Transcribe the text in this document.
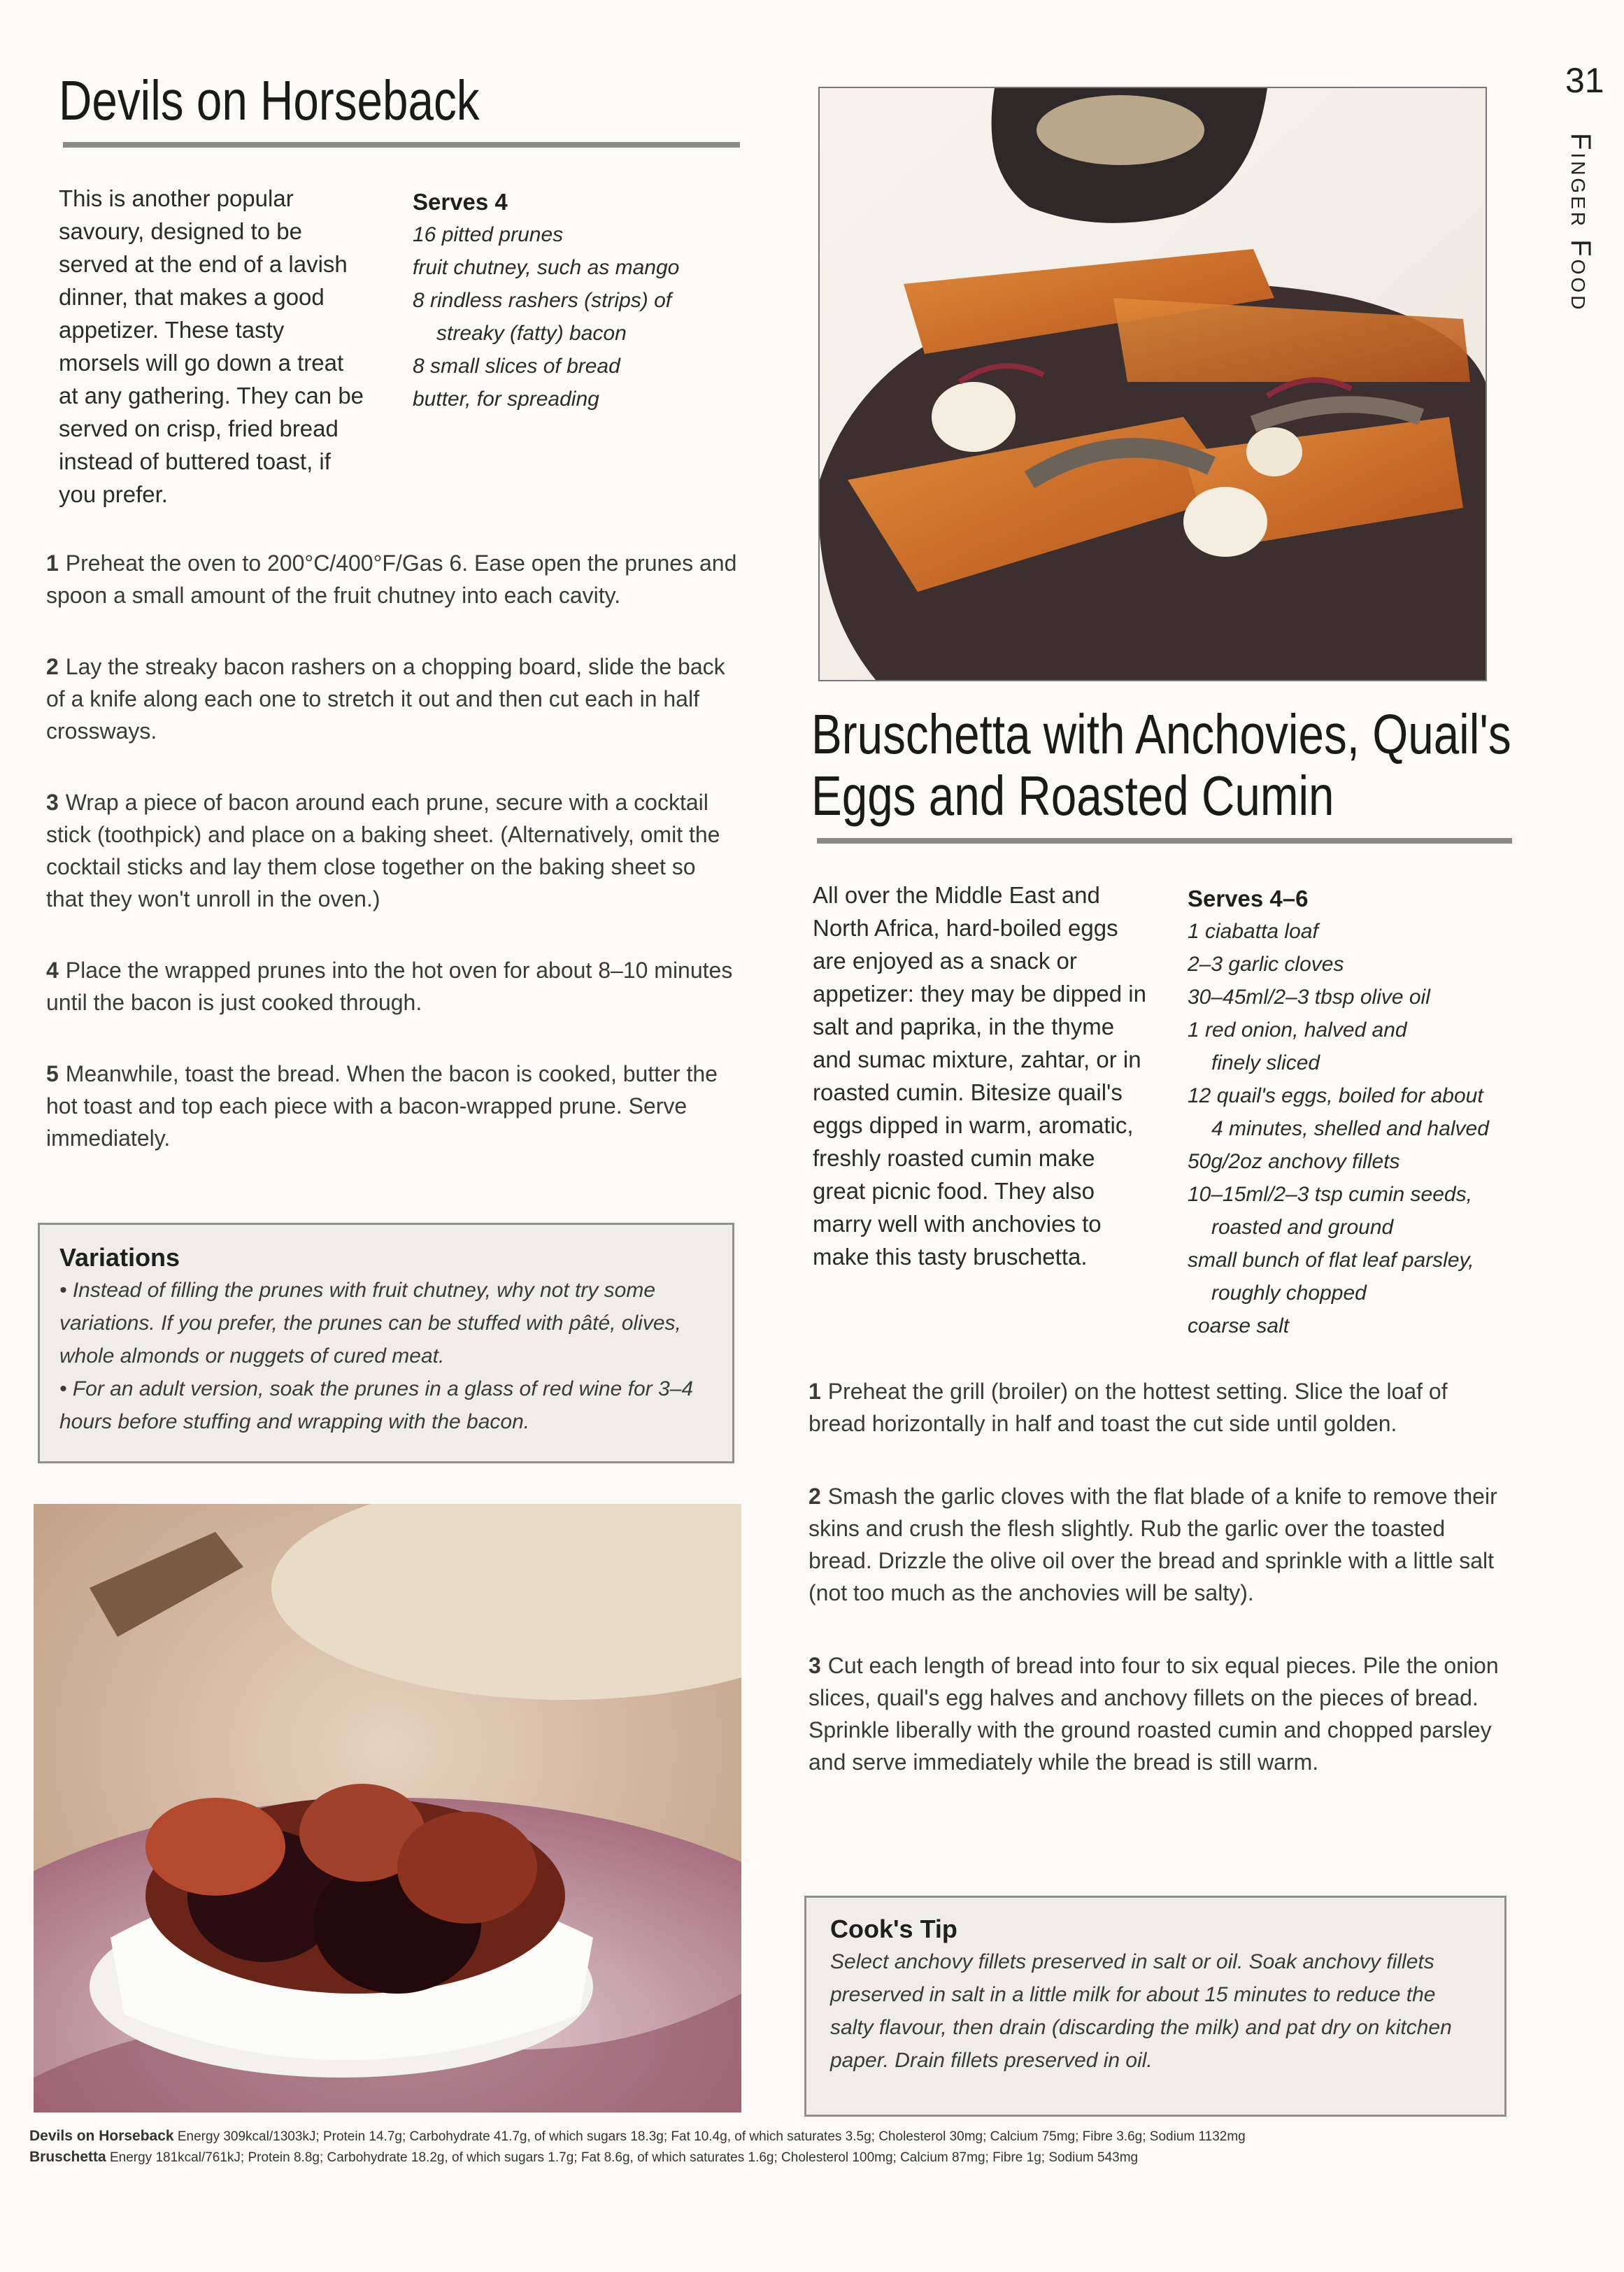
31
Finger Food
Devils on Horseback

This is another popular savoury, designed to be served at the end of a lavish dinner, that makes a good appetizer. These tasty morsels will go down a treat at any gathering. They can be served on crisp, fried bread instead of buttered toast, if you prefer.

Serves 4
16 pitted prunes
fruit chutney, such as mango
8 rindless rashers (strips) of
streaky (fatty) bacon
8 small slices of bread
butter, for spreading

1 Preheat the oven to 200°C/400°F/Gas 6. Ease open the prunes and spoon a small amount of the fruit chutney into each cavity.

2 Lay the streaky bacon rashers on a chopping board, slide the back of a knife along each one to stretch it out and then cut each in half crossways.

3 Wrap a piece of bacon around each prune, secure with a cocktail stick (toothpick) and place on a baking sheet. (Alternatively, omit the cocktail sticks and lay them close together on the baking sheet so that they won't unroll in the oven.)

4 Place the wrapped prunes into the hot oven for about 8–10 minutes until the bacon is just cooked through.

5 Meanwhile, toast the bread. When the bacon is cooked, butter the hot toast and top each piece with a bacon-wrapped prune. Serve immediately.

Variations
• Instead of filling the prunes with fruit chutney, why not try some variations. If you prefer, the prunes can be stuffed with pâté, olives, whole almonds or nuggets of cured meat.
• For an adult version, soak the prunes in a glass of red wine for 3–4 hours before stuffing and wrapping with the bacon.
Bruschetta with Anchovies, Quail's
Eggs and Roasted Cumin

All over the Middle East and North Africa, hard-boiled eggs are enjoyed as a snack or appetizer: they may be dipped in salt and paprika, in the thyme and sumac mixture, zahtar, or in roasted cumin. Bitesize quail's eggs dipped in warm, aromatic, freshly roasted cumin make great picnic food. They also marry well with anchovies to make this tasty bruschetta.

Serves 4–6
1 ciabatta loaf
2–3 garlic cloves
30–45ml/2–3 tbsp olive oil
1 red onion, halved and
finely sliced
12 quail's eggs, boiled for about
4 minutes, shelled and halved
50g/2oz anchovy fillets
10–15ml/2–3 tsp cumin seeds,
roasted and ground
small bunch of flat leaf parsley,
roughly chopped
coarse salt

1 Preheat the grill (broiler) on the hottest setting. Slice the loaf of bread horizontally in half and toast the cut side until golden.

2 Smash the garlic cloves with the flat blade of a knife to remove their skins and crush the flesh slightly. Rub the garlic over the toasted bread. Drizzle the olive oil over the bread and sprinkle with a little salt (not too much as the anchovies will be salty).

3 Cut each length of bread into four to six equal pieces. Pile the onion slices, quail's egg halves and anchovy fillets on the pieces of bread. Sprinkle liberally with the ground roasted cumin and chopped parsley and serve immediately while the bread is still warm.

Cook's Tip
Select anchovy fillets preserved in salt or oil. Soak anchovy fillets preserved in salt in a little milk for about 15 minutes to reduce the salty flavour, then drain (discarding the milk) and pat dry on kitchen paper. Drain fillets preserved in oil.
Devils on Horseback Energy 309kcal/1303kJ; Protein 14.7g; Carbohydrate 41.7g, of which sugars 18.3g; Fat 10.4g, of which saturates 3.5g; Cholesterol 30mg; Calcium 75mg; Fibre 3.6g; Sodium 1132mg
Bruschetta Energy 181kcal/761kJ; Protein 8.8g; Carbohydrate 18.2g, of which sugars 1.7g; Fat 8.6g, of which saturates 1.6g; Cholesterol 100mg; Calcium 87mg; Fibre 1g; Sodium 543mg
